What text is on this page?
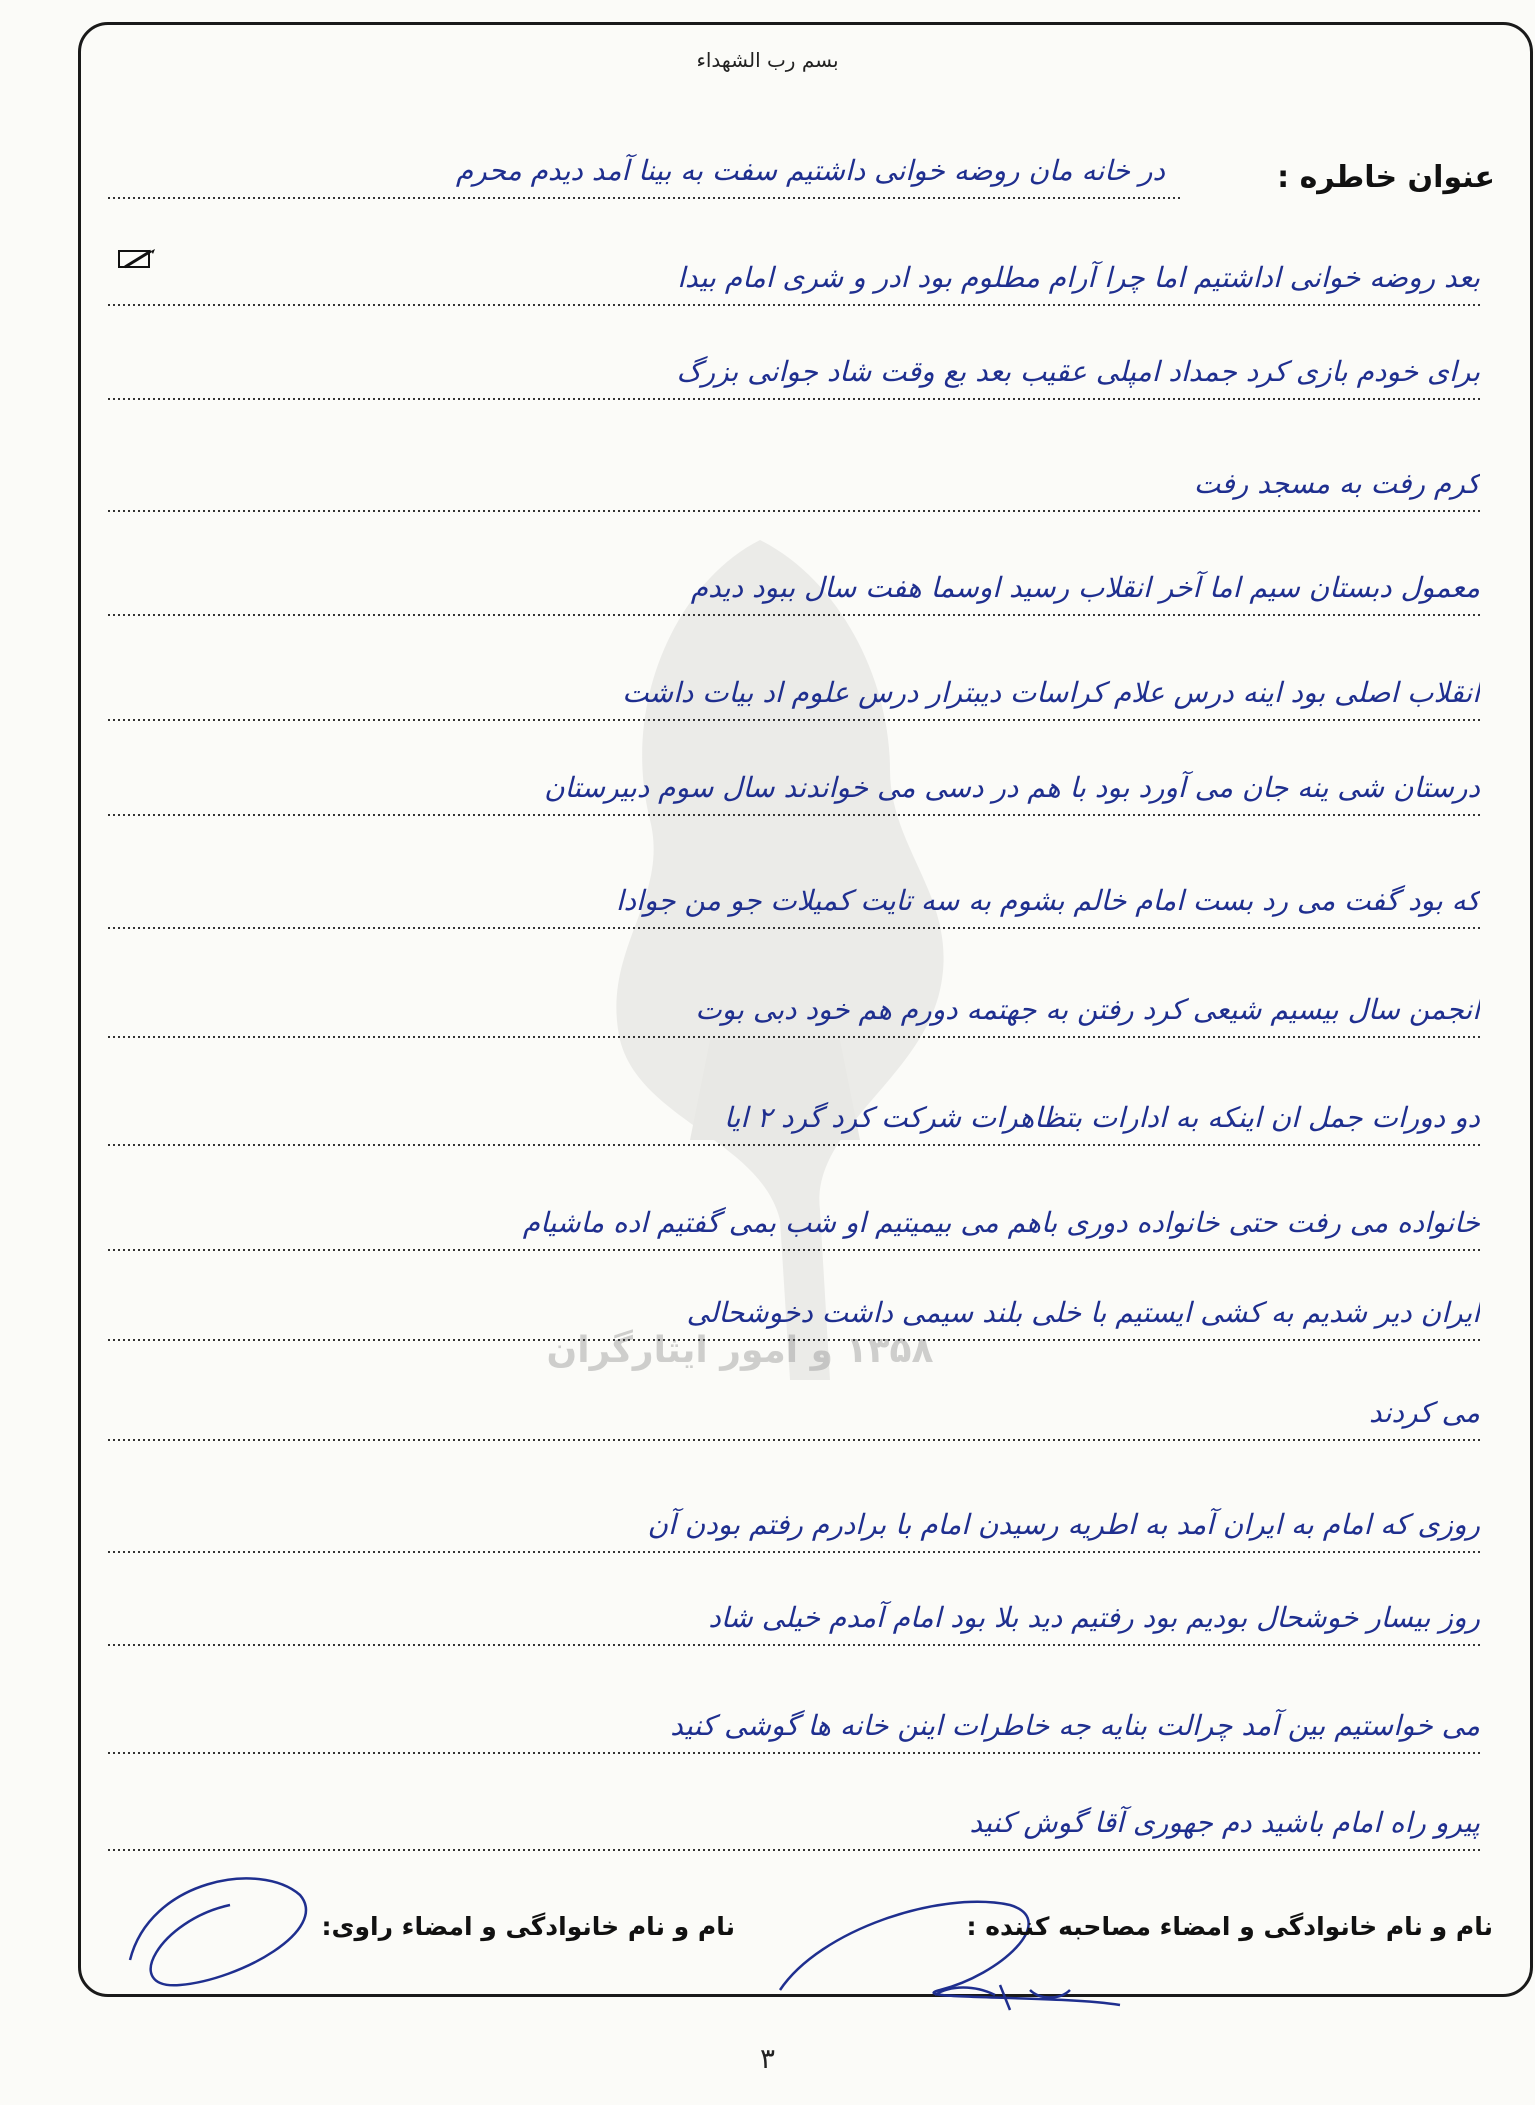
بسم رب الشهداء
۱۳۵۸ و امور ایثارگران
عنوان خاطره :
در خانه مان روضه خوانی داشتیم سفت به بینا آمد دیدم محرم
بعد روضه خوانی اداشتیم اما چرا آرام مطلوم بود ادر و شری امام بیدا
برای خودم بازی کرد جمداد امپلی عقیب بعد بع وقت شاد جوانی بزرگ
کرم رفت به مسجد رفت
معمول دبستان سیم اما آخر انقلاب رسید اوسما هفت سال ببود دیدم
انقلاب اصلی بود اینه درس علام کراسات دیبترار درس علوم اد بیات داشت
درستان شی ینه جان می آورد بود با هم در دسی می خواندند سال سوم دبیرستان
که بود گفت می رد بست امام خالم بشوم به سه تایت کمیلات جو من جوادا
انجمن سال بیسیم شیعی کرد رفتن به جهتمه دورم هم خود دبی بوت
دو دورات جمل ان اینکه به ادارات بتظاهرات شرکت کرد گرد ۲ ایا
خانواده می رفت حتی خانواده دوری باهم می بیمیتیم او شب بمی گفتیم اده ماشیام
ایران دیر شدیم به کشی ایستیم با خلی بلند سیمی داشت دخوشحالی
می کردند
روزی که امام به ایران آمد به اطریه رسیدن امام با برادرم رفتم بودن آن
روز بیسار خوشحال بودیم بود رفتیم دید بلا بود امام آمدم خیلی شاد
می خواستیم بین آمد چرالت بنایه جه خاطرات اینن خانه ها گوشی کنید
پیرو راه امام باشید دم جهوری آقا گوش کنید
نام و نام خانوادگی و امضاء مصاحبه کننده :
نام و نام خانوادگی و امضاء راوی:
۳
